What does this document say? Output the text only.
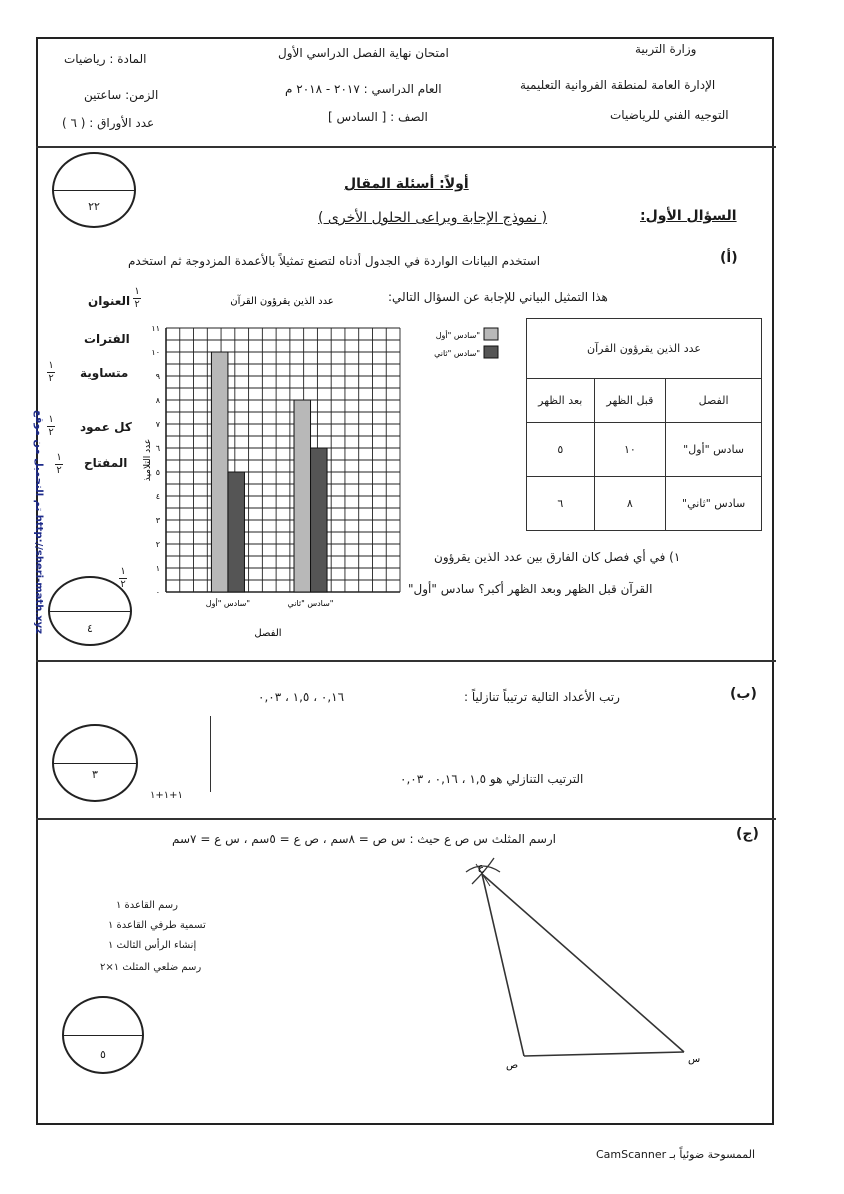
وزارة التربية
الإدارة العامة لمنطقة الفروانية التعليمية
التوجيه الفني للرياضيات
امتحان نهاية الفصل الدراسي الأول
العام الدراسي : ٢٠١٧ - ٢٠١٨ م
الصف : [ السادس ]
المادة : رياضيات
الزمن: ساعتين
عدد الأوراق : ( ٦ )
٢٢
٤
٣
٥
أولاً: أسئلة المقال
السؤال الأول:
( نموذج الإجابة ويراعى الحلول الأخرى )
(أ)
استخدم البيانات الواردة في الجدول أدناه لتصنع تمثيلاً بالأعمدة المزدوجة ثم استخدم
هذا التمثيل البياني للإجابة عن السؤال التالي:
العنوان
١
٢
الفترات
متساوية
١
٢
كل عمود
١
٢
المفتاح
١
٢
عدد الذين يقرؤون القرآن
٠
١
٢
٣
٤
٥
٦
٧
٨
٩
١٠
١١
سادس "أول"	سادس "ثاني"
عدد التلاميذ
الفصل
سادس "أول"
سادس "ثاني"	عدد الذين يقرؤون القرآن		
الفصل	قبل الظهر	بعد الظهر
سادس "أول"	١٠	٥
سادس "ثاني"	٨	٦
١) في أي فصل كان الفارق بين عدد الذين يقرؤون
القرآن قبل الظهر وبعد الظهر أكبر؟ سادس "أول"
١
٢
تم التحميل من موقع http://sheri-math.xyz
(ب)
رتب الأعداد التالية ترتيباً تنازلياً :
٠,١٦ ، ١,٥ ، ٠,٠٣
الترتيب التنازلي هو ١,٥ ، ٠,١٦ ، ٠,٠٣
١+١+١
(ج)
ارسم المثلث س ص ع حيث : س ص = ٨سم ، ص ع = ٥سم ، س ع = ٧سم
رسم القاعدة ١
تسمية طرفي القاعدة ١
إنشاء الرأس الثالث ١
رسم ضلعي المثلث ١×٢
ع
ص
س
الممسوحة ضوئياً بـ CamScanner
